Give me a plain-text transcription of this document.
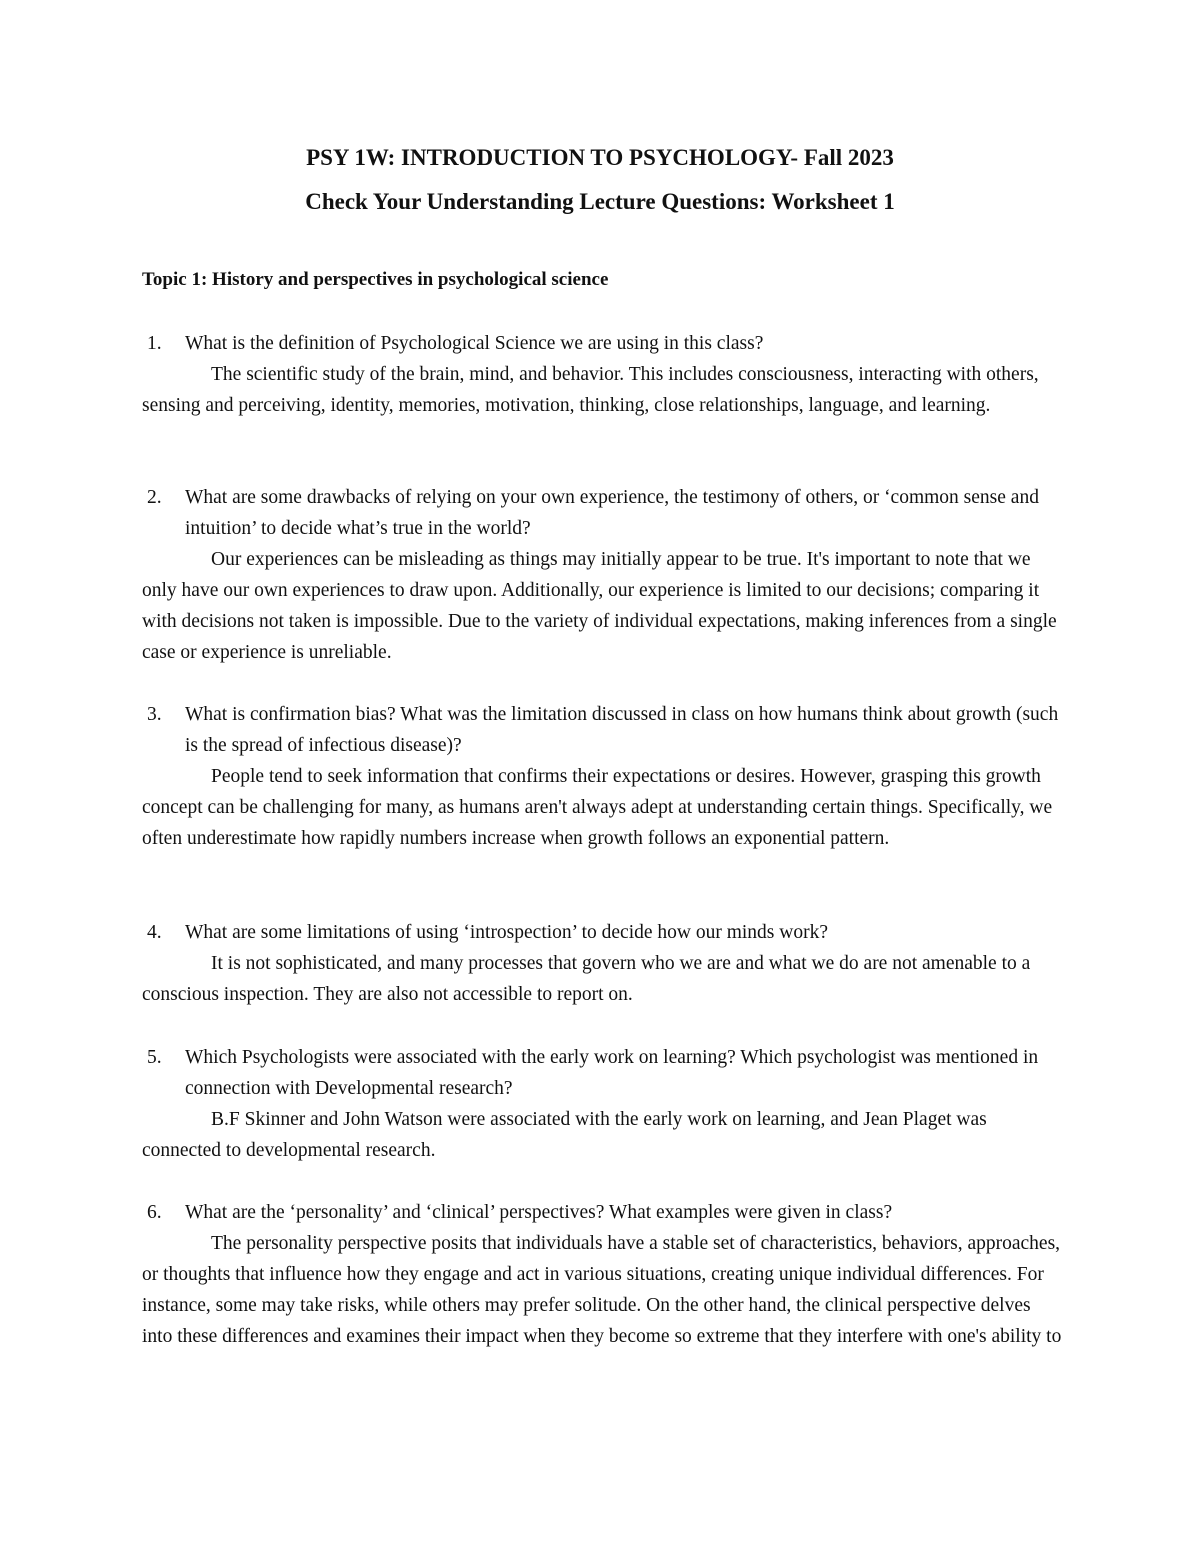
PSY 1W: INTRODUCTION TO PSYCHOLOGY- Fall 2023
Check Your Understanding Lecture Questions: Worksheet 1
Topic 1: History and perspectives in psychological science

1. What is the definition of Psychological Science we are using in this class?

The scientific study of the brain, mind, and behavior. This includes consciousness, interacting with others, sensing and perceiving, identity, memories, motivation, thinking, close relationships, language, and learning.

2. What are some drawbacks of relying on your own experience, the testimony of others, or ‘common sense and intuition’ to decide what’s true in the world?

Our experiences can be misleading as things may initially appear to be true. It's important to note that we only have our own experiences to draw upon. Additionally, our experience is limited to our decisions; comparing it with decisions not taken is impossible. Due to the variety of individual expectations, making inferences from a single case or experience is unreliable.

3. What is confirmation bias? What was the limitation discussed in class on how humans think about growth (such is the spread of infectious disease)?

People tend to seek information that confirms their expectations or desires. However, grasping this growth concept can be challenging for many, as humans aren't always adept at understanding certain things. Specifically, we often underestimate how rapidly numbers increase when growth follows an exponential pattern.

4. What are some limitations of using ‘introspection’ to decide how our minds work?

It is not sophisticated, and many processes that govern who we are and what we do are not amenable to a conscious inspection. They are also not accessible to report on.

5. Which Psychologists were associated with the early work on learning? Which psychologist was mentioned in connection with Developmental research?

B.F Skinner and John Watson were associated with the early work on learning, and Jean Plaget was connected to developmental research.

6. What are the ‘personality’ and ‘clinical’ perspectives? What examples were given in class?

The personality perspective posits that individuals have a stable set of characteristics, behaviors, approaches, or thoughts that influence how they engage and act in various situations, creating unique individual differences. For instance, some may take risks, while others may prefer solitude. On the other hand, the clinical perspective delves into these differences and examines their impact when they become so extreme that they interfere with one's ability to
